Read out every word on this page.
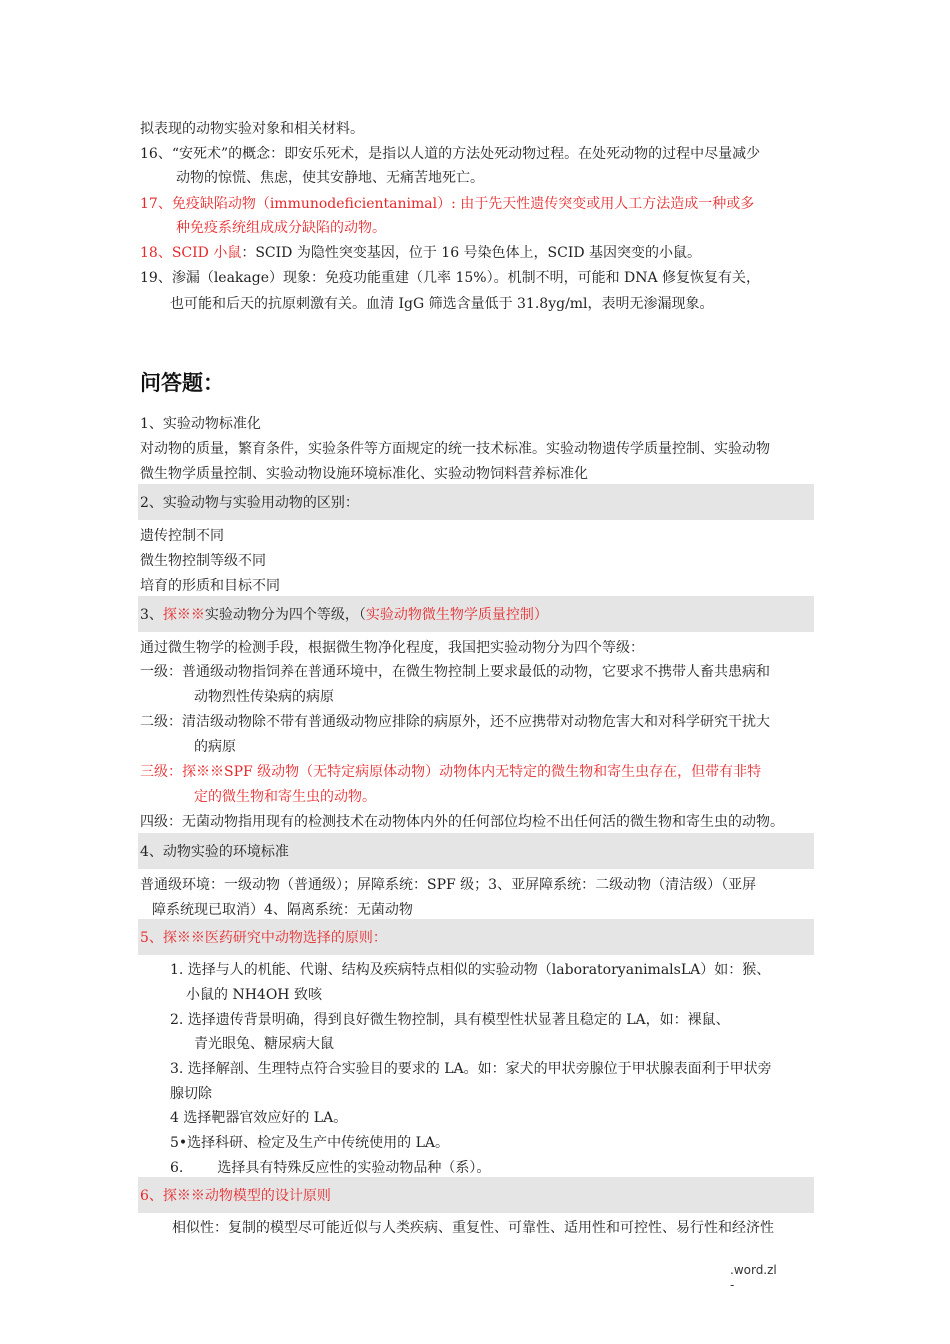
拟表现的动物实验对象和相关材料。

16、“安死术”的概念：即安乐死术，是指以人道的方法处死动物过程。在处死动物的过程中尽量减少

动物的惊慌、焦虑，使其安静地、无痛苦地死亡。

17、免疫缺陷动物（immunodeficientanimal）: 由于先天性遗传突变或用人工方法造成一种或多

种免疫系统组成成分缺陷的动物。

18、SCID 小鼠：SCID 为隐性突变基因，位于 16 号染色体上，SCID 基因突变的小鼠。

19、渗漏（leakage）现象：免疫功能重建（几率 15%）。机制不明，可能和 DNA 修复恢复有关，

也可能和后天的抗原刺激有关。血清 IgG 筛选含量低于 31.8yg/ml，表明无渗漏现象。

问答题：

1、实验动物标准化

对动物的质量，繁育条件，实验条件等方面规定的统一技术标准。实验动物遗传学质量控制、实验动物

微生物学质量控制、实验动物设施环境标准化、实验动物饲料营养标准化

2、实验动物与实验用动物的区别：

遗传控制不同

微生物控制等级不同

培育的形质和目标不同

3、探※※实验动物分为四个等级，（实验动物微生物学质量控制）

通过微生物学的检测手段，根据微生物净化程度，我国把实验动物分为四个等级：

一级：普通级动物指饲养在普通环境中，在微生物控制上要求最低的动物，它要求不携带人畜共患病和

动物烈性传染病的病原

二级：清洁级动物除不带有普通级动物应排除的病原外，还不应携带对动物危害大和对科学研究干扰大

的病原

三级：探※※SPF 级动物（无特定病原体动物）动物体内无特定的微生物和寄生虫存在，但带有非特

定的微生物和寄生虫的动物。

四级：无菌动物指用现有的检测技术在动物体内外的任何部位均检不出任何活的微生物和寄生虫的动物。

4、动物实验的环境标准

普通级环境：一级动物（普通级）；屏障系统：SPF 级；3、亚屏障系统：二级动物（清洁级）（亚屏

障系统现已取消）4、隔离系统：无菌动物

5、探※※医药研究中动物选择的原则：

1. 选择与人的机能、代谢、结构及疾病特点相似的实验动物（laboratoryanimalsLA）如：猴、

小鼠的 NH4OH 致咳

2. 选择遗传背景明确，得到良好微生物控制，具有模型性状显著且稳定的 LA，如：裸鼠、

青光眼兔、糖尿病大鼠

3. 选择解剖、生理特点符合实验目的要求的 LA。如：家犬的甲状旁腺位于甲状腺表面利于甲状旁

腺切除

4 选择靶器官效应好的 LA。

5•选择科研、检定及生产中传统使用的 LA。

6. 选择具有特殊反应性的实验动物品种（系）。

6、探※※动物模型的设计原则

相似性：复制的模型尽可能近似与人类疾病、重复性、可靠性、适用性和可控性、易行性和经济性

.word.zl
-
